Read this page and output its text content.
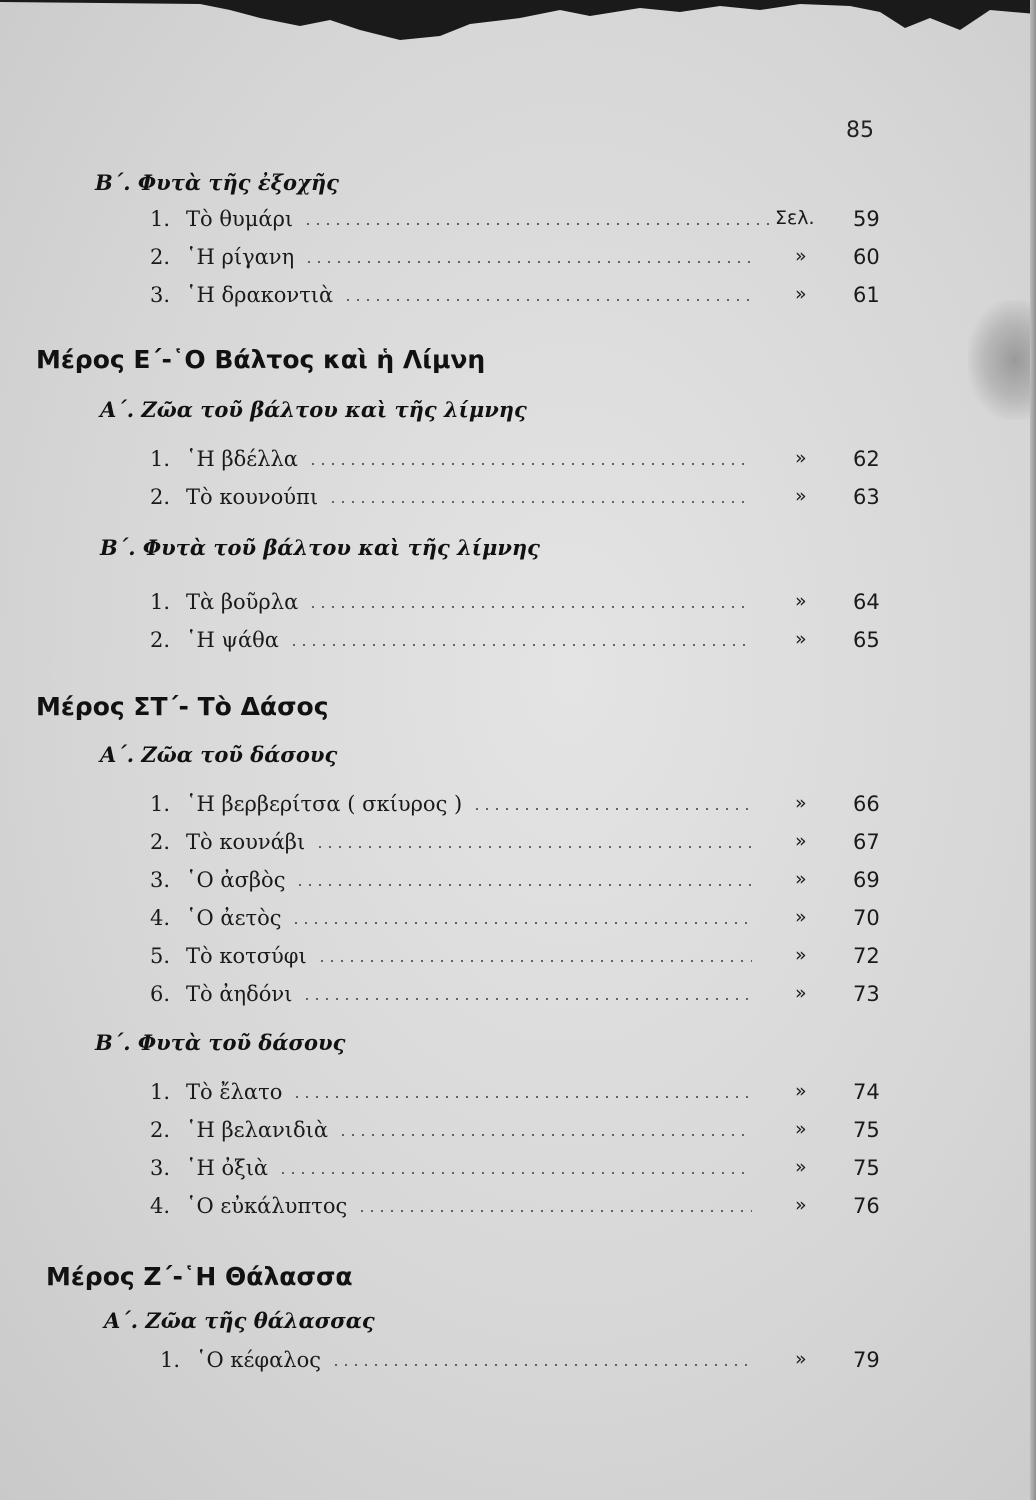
85
Β΄. Φυτὰ τῆς ἐξοχῆς
1. Τὸ θυμάρι	Σελ. 59
2. ῾Η ρίγανη	» 60
3. ῾Η δρακοντιὰ	» 61
Μέρος Ε΄-῾Ο Βάλτος καὶ ἡ Λίμνη
Α΄. Ζῶα τοῦ βάλτου καὶ τῆς λίμνης
1. ῾Η βδέλλα	» 62
2. Τὸ κουνούπι	» 63
Β΄. Φυτὰ τοῦ βάλτου καὶ τῆς λίμνης
1. Τὰ βοῦρλα	» 64
2. ῾Η ψάθα	» 65
Μέρος ΣΤ΄- Τὸ Δάσος
Α΄. Ζῶα τοῦ δάσους
1. ῾Η βερβερίτσα ( σκίυρος )	» 66
2. Τὸ κουνάβι	» 67
3. ῾Ο ἀσβὸς	» 69
4. ῾Ο ἀετὸς	» 70
5. Τὸ κοτσύφι	» 72
6. Τὸ ἀηδόνι	» 73
Β΄. Φυτὰ τοῦ δάσους
1. Τὸ ἔλατο	» 74
2. ῾Η βελανιδιὰ	» 75
3. ῾Η ὀξιὰ	» 75
4. ῾Ο εὐκάλυπτος	» 76
Μέρος Ζ΄-῾Η Θάλασσα
Α΄. Ζῶα τῆς θάλασσας
1. ῾Ο κέφαλος	» 79
